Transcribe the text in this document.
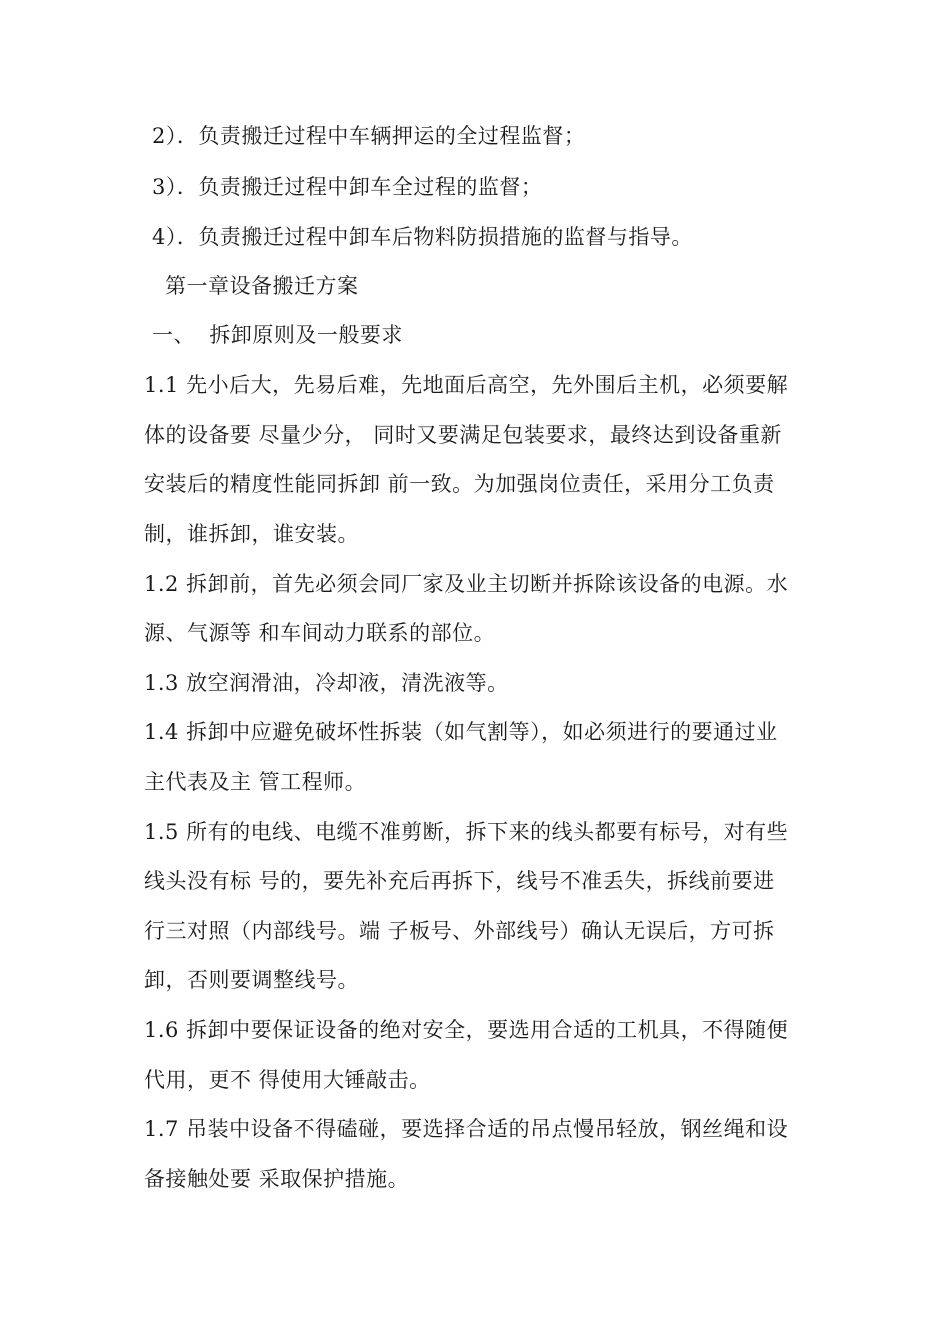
2）．负责搬迁过程中车辆押运的全过程监督；
3）．负责搬迁过程中卸车全过程的监督；
4）．负责搬迁过程中卸车后物料防损措施的监督与指导。
第一章设备搬迁方案
一、  拆卸原则及一般要求
1.1 先小后大，先易后难，先地面后高空，先外围后主机，必须要解
体的设备要 尽量少分， 同时又要满足包装要求，最终达到设备重新
安装后的精度性能同拆卸 前一致。为加强岗位责任，采用分工负责
制，谁拆卸，谁安装。
1.2 拆卸前，首先必须会同厂家及业主切断并拆除该设备的电源。水
源、气源等 和车间动力联系的部位。
1.3 放空润滑油，冷却液，清洗液等。
1.4 拆卸中应避免破坏性拆装（如气割等），如必须进行的要通过业
主代表及主 管工程师。
1.5 所有的电线、电缆不准剪断，拆下来的线头都要有标号，对有些
线头没有标 号的，要先补充后再拆下，线号不准丢失，拆线前要进
行三对照（内部线号。端 子板号、外部线号）确认无误后，方可拆
卸，否则要调整线号。
1.6 拆卸中要保证设备的绝对安全，要选用合适的工机具，不得随便
代用，更不 得使用大锤敲击。
1.7 吊装中设备不得磕碰，要选择合适的吊点慢吊轻放，钢丝绳和设
备接触处要 采取保护措施。
